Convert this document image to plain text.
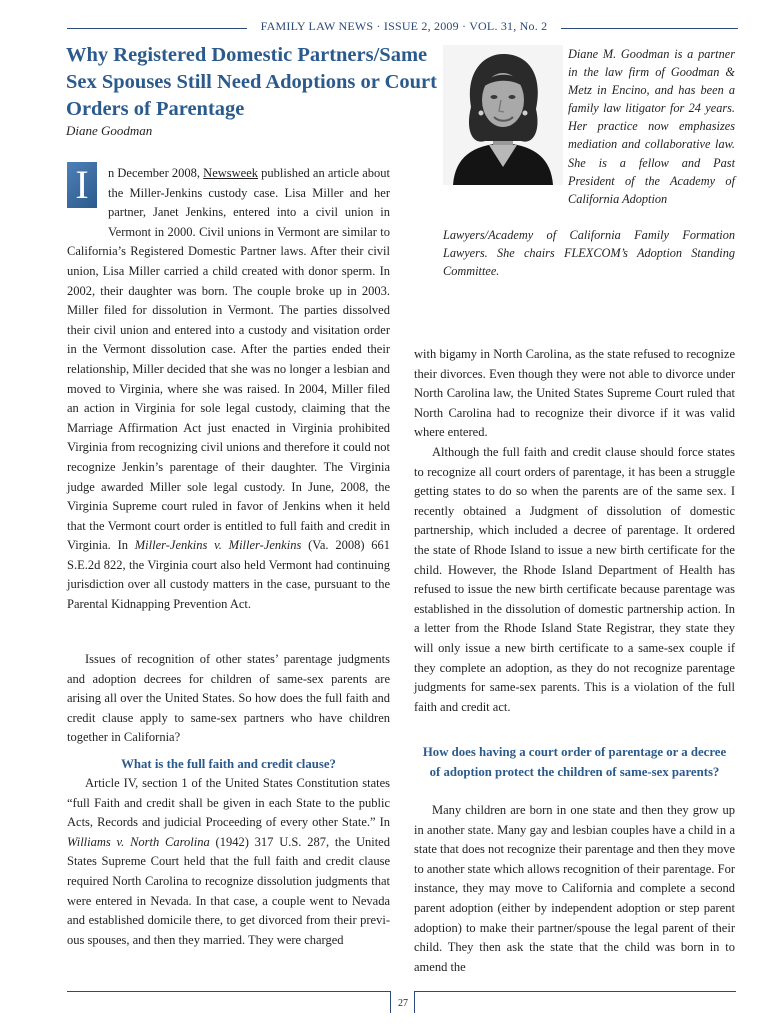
FAMILY LAW NEWS · ISSUE 2, 2009 · VOL. 31, No. 2
Why Registered Domestic Partners/Same Sex Spouses Still Need Adoptions or Court Orders of Parentage
Diane Goodman
I	n December 2008, Newsweek published an article about the Miller-Jenkins custody case. Lisa Miller and her partner, Janet Jenkins, entered into a civil union in Vermont in 2000. Civil unions in Vermont are similar to California’s Registered Domestic Partner laws. After their civil union, Lisa Miller carried a child created with donor sperm. In 2002, their daughter was born. The couple broke up in 2003. Miller filed for dissolution in Vermont. The parties dissolved their civil union and entered into a custody and visitation order in the Vermont dissolution case. After the parties ended their relationship, Miller decided that she was no longer a lesbian and moved to Virginia, where she was raised. In 2004, Miller filed an action in Virginia for sole legal custody, claiming that the Marriage Affirmation Act just enacted in Virginia prohibited Virginia from recognizing civil unions and therefore it could not recognize Jenkin’s parentage of their daughter. The Virginia judge awarded Miller sole legal custody. In June, 2008, the Virginia Supreme court ruled in favor of Jenkins when it held that the Vermont court order is entitled to full faith and credit in Virginia. In Miller-Jenkins v. Miller-Jenkins (Va. 2008) 661 S.E.2d 822, the Virginia court also held Vermont had continuing jurisdiction over all custody matters in the case, pursuant to the Parental Kidnapping Prevention Act.

Issues of recognition of other states’ parentage judgments and adoption decrees for children of same-sex parents are arising all over the United States. So how does the full faith and credit clause apply to same-sex partners who have children together in California?

What is the full faith and credit clause?

Article IV, section 1 of the United States Constitution states “full Faith and credit shall be given in each State to the public Acts, Records and judicial Proceeding of every other State.” In Williams v. North Carolina (1942) 317 U.S. 287, the United States Supreme Court held that the full faith and credit clause required North Carolina to recognize dissolution judgments that were entered in Nevada. In that case, a couple went to Nevada and established domicile there, to get divorced from their previous spouses, and then they married. They were charged

Diane M. Goodman is a partner in the law firm of Goodman & Metz in Encino, and has been a family law litigator for 24 years. Her practice now emphasizes mediation and collaborative law. She is a fellow and Past President of the Academy of California Adoption

Lawyers/Academy of California Family Formation Lawyers. She chairs FLEXCOM’s Adoption Standing Committee.

with bigamy in North Carolina, as the state refused to recognize their divorces. Even though they were not able to divorce under North Carolina law, the United States Supreme Court ruled that North Carolina had to recognize their divorce if it was valid where entered.

Although the full faith and credit clause should force states to recognize all court orders of parentage, it has been a struggle getting states to do so when the parents are of the same sex. I recently obtained a Judgment of dissolution of domestic partnership, which included a decree of parentage. It ordered the state of Rhode Island to issue a new birth certificate for the child. However, the Rhode Island Department of Health has refused to issue the new birth certificate because parentage was established in the dissolution of domestic partnership action. In a letter from the Rhode Island State Registrar, they state they will only issue a new birth certificate to a same-sex couple if they complete an adoption, as they do not recognize parentage judgments for same-sex parents. This is a violation of the full faith and credit act.

How does having a court order of parentage or a decree of adoption protect the children of same-sex parents?

Many children are born in one state and then they grow up in another state. Many gay and lesbian couples have a child in a state that does not recognize their parentage and then they move to another state which allows recognition of their parentage. For instance, they may move to California and complete a second parent adoption (either by independent adoption or step parent adoption) to make their partner/spouse the legal parent of their child. They then ask the state that the child was born in to amend the

27
